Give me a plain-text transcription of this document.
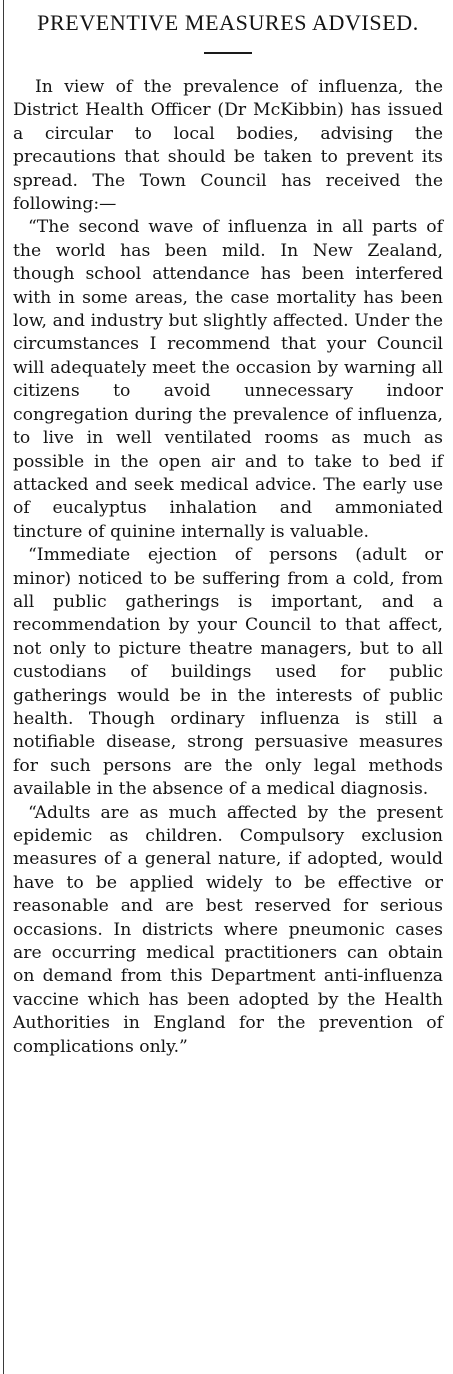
PREVENTIVE MEASURES ADVISED.

In view of the prevalence of influenza, the District Health Officer (Dr McKibbin) has issued a circular to local bodies, advising the precautions that should be taken to prevent its spread. The Town Council has received the following:—

“The second wave of influenza in all parts of the world has been mild. In New Zealand, though school attendance has been interfered with in some areas, the case mortality has been low, and industry but slightly affected. Under the circumstances I recommend that your Council will adequately meet the occasion by warning all citizens to avoid unnecessary indoor congregation during the prevalence of influenza, to live in well ventilated rooms as much as possible in the open air and to take to bed if attacked and seek medical advice. The early use of eucalyptus inhalation and ammoniated tincture of quinine internally is valuable.

“Immediate ejection of persons (adult or minor) noticed to be suffering from a cold, from all public gatherings is important, and a recommendation by your Council to that affect, not only to picture theatre managers, but to all custodians of buildings used for public gatherings would be in the interests of public health. Though ordinary influenza is still a notifiable disease, strong persuasive measures for such persons are the only legal methods available in the absence of a medical diagnosis.

“Adults are as much affected by the present epidemic as children. Compulsory exclusion measures of a general nature, if adopted, would have to be applied widely to be effective or reasonable and are best reserved for serious occasions. In districts where pneumonic cases are occurring medical practitioners can obtain on demand from this Department anti-influenza vaccine which has been adopted by the Health Authorities in England for the prevention of complications only.”
